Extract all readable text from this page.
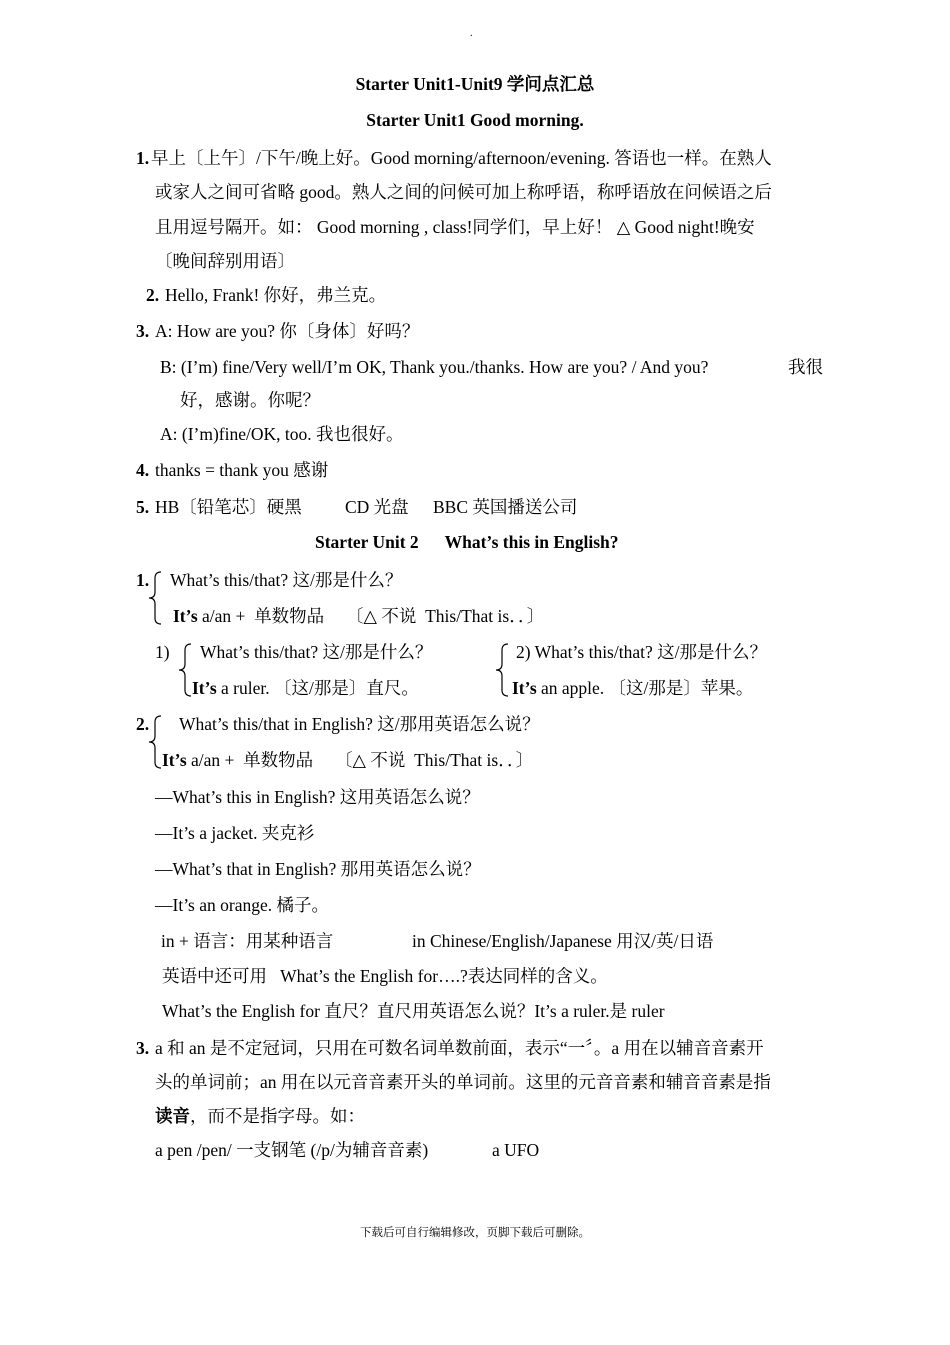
.
Starter Unit1-Unit9 学问点汇总
Starter Unit1 Good morning.
1. 早上〔上午〕/下午/晚上好。Good morning/afternoon/evening. 答语也一样。在熟人
或家人之间可省略 good。熟人之间的问候可加上称呼语，称呼语放在问候语之后
且用逗号隔开。如： Good morning , class!同学们，早上好！ △ Good night!晚安
〔晚间辞别用语〕
2. Hello, Frank! 你好，弗兰克。
3. A: How are you? 你〔身体〕好吗？
B: (I’m) fine/Very well/I’m OK, Thank you./thanks. How are you? / And you?	我很
好，感谢。你呢？
A: (I’m)fine/OK, too. 我也很好。
4. thanks = thank you 感谢
5. HB〔铅笔芯〕硬黑 CD 光盘 BBC 英国播送公司
Starter Unit 2      What’s this in English?
1. What’s this/that? 这/那是什么？
It’s a/an +  单数物品     〔△ 不说  This/That is．．〕
1) What’s this/that? 这/那是什么？
It’s a ruler. 〔这/那是〕直尺。
2) What’s this/that? 这/那是什么？
It’s an apple. 〔这/那是〕苹果。
2. What’s this/that in English? 这/那用英语怎么说？
It’s a/an +  单数物品     〔△ 不说  This/That is．．〕
—What’s this in English? 这用英语怎么说？
—It’s a jacket. 夹克衫
—What’s that in English? 那用英语怎么说？
—It’s an orange. 橘子。
in + 语言：用某种语言	in Chinese/English/Japanese 用汉/英/日语
英语中还可用   What’s the English for….?表达同样的含义。
What’s the English for 直尺？直尺用英语怎么说？It’s a ruler.是 ruler
3. a 和 an 是不定冠词，只用在可数名词单数前面，表示“一〞。a 用在以辅音音素开
头的单词前；an 用在以元音音素开头的单词前。这里的元音音素和辅音音素是指
读音，而不是指字母。如：
a pen /pen/ 一支钢笔 (/p/为辅音音素)	a UFO
下载后可自行编辑修改，页脚下载后可删除。
